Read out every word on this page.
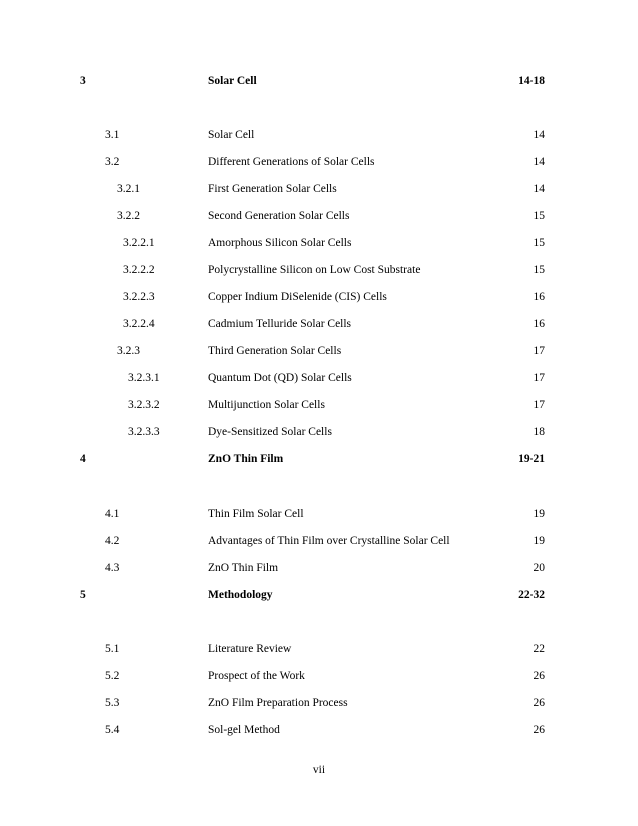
3	Solar Cell	14-18
3.1	Solar Cell	14
3.2	Different Generations of Solar Cells	14
3.2.1	First Generation Solar Cells	14
3.2.2	Second Generation Solar Cells	15
3.2.2.1	Amorphous Silicon Solar Cells	15
3.2.2.2	Polycrystalline Silicon on Low Cost Substrate	15
3.2.2.3	Copper Indium DiSelenide (CIS) Cells	16
3.2.2.4	Cadmium Telluride Solar Cells	16
3.2.3	Third Generation Solar Cells	17
3.2.3.1	Quantum Dot (QD) Solar Cells	17
3.2.3.2	Multijunction Solar Cells	17
3.2.3.3	Dye-Sensitized Solar Cells	18
4	ZnO Thin Film	19-21
4.1	Thin Film Solar Cell	19
4.2	Advantages of Thin Film over Crystalline Solar Cell	19
4.3	ZnO Thin Film	20
5	Methodology	22-32
5.1	Literature Review	22
5.2	Prospect of the Work	26
5.3	ZnO Film Preparation Process	26
5.4	Sol-gel Method	26
vii
